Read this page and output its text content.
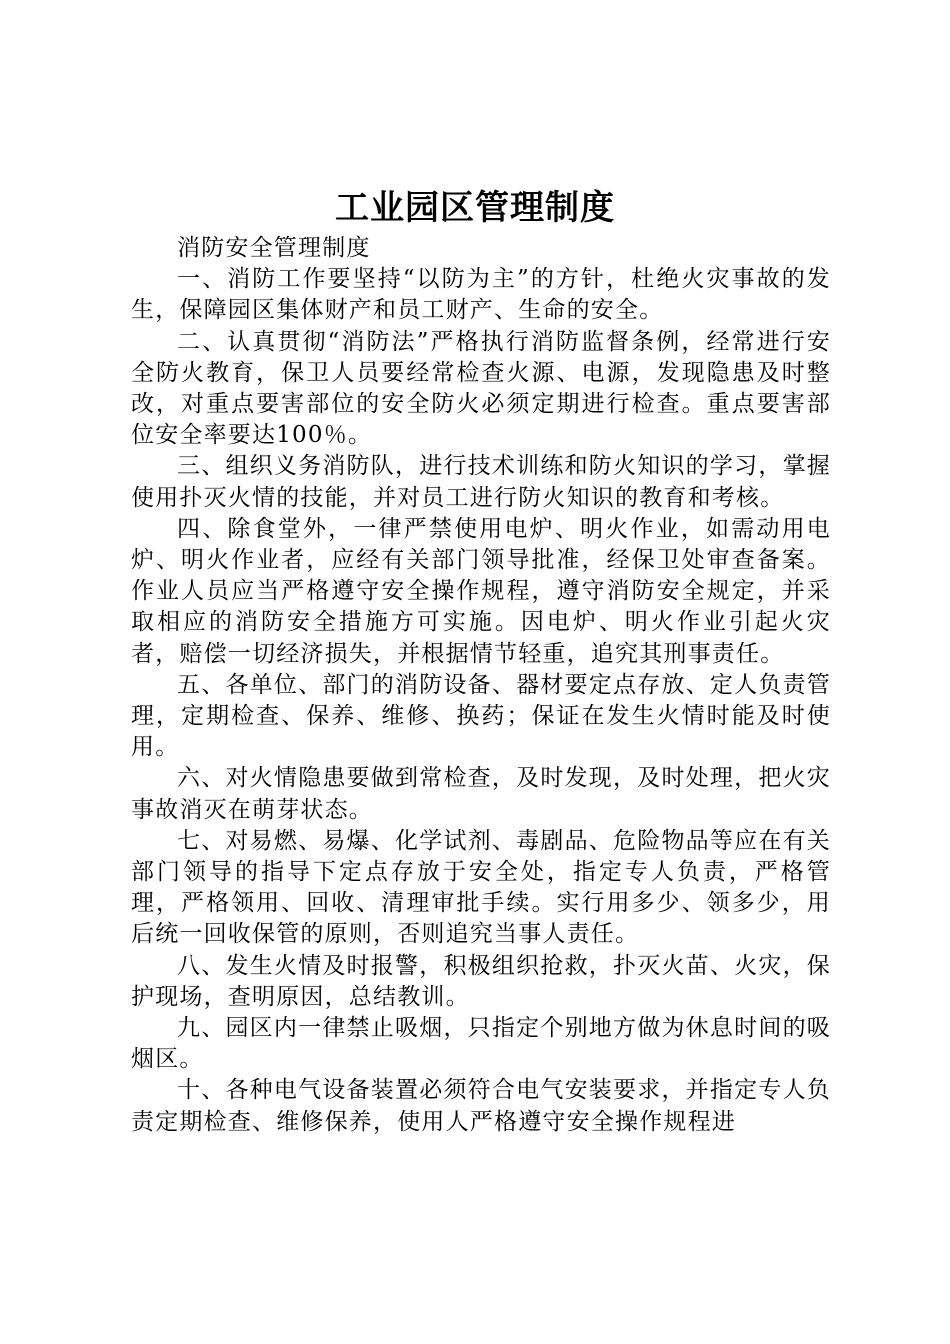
工业园区管理制度

消防安全管理制度

一、消防工作要坚持“以防为主”的方针，杜绝火灾事故的发生，保障园区集体财产和员工财产、生命的安全。

二、认真贯彻“消防法”严格执行消防监督条例，经常进行安全防火教育，保卫人员要经常检查火源、电源，发现隐患及时整改，对重点要害部位的安全防火必须定期进行检查。重点要害部位安全率要达100％。

三、组织义务消防队，进行技术训练和防火知识的学习，掌握使用扑灭火情的技能，并对员工进行防火知识的教育和考核。

四、除食堂外，一律严禁使用电炉、明火作业，如需动用电炉、明火作业者，应经有关部门领导批准，经保卫处审查备案。作业人员应当严格遵守安全操作规程，遵守消防安全规定，并采取相应的消防安全措施方可实施。因电炉、明火作业引起火灾者，赔偿一切经济损失，并根据情节轻重，追究其刑事责任。

五、各单位、部门的消防设备、器材要定点存放、定人负责管理，定期检查、保养、维修、换药；保证在发生火情时能及时使用。

六、对火情隐患要做到常检查，及时发现，及时处理，把火灾事故消灭在萌芽状态。

七、对易燃、易爆、化学试剂、毒剧品、危险物品等应在有关部门领导的指导下定点存放于安全处，指定专人负责，严格管理，严格领用、回收、清理审批手续。实行用多少、领多少，用后统一回收保管的原则，否则追究当事人责任。

八、发生火情及时报警，积极组织抢救，扑灭火苗、火灾，保护现场，查明原因，总结教训。

九、园区内一律禁止吸烟，只指定个别地方做为休息时间的吸烟区。

十、各种电气设备装置必须符合电气安装要求，并指定专人负责定期检查、维修保养，使用人严格遵守安全操作规程进
